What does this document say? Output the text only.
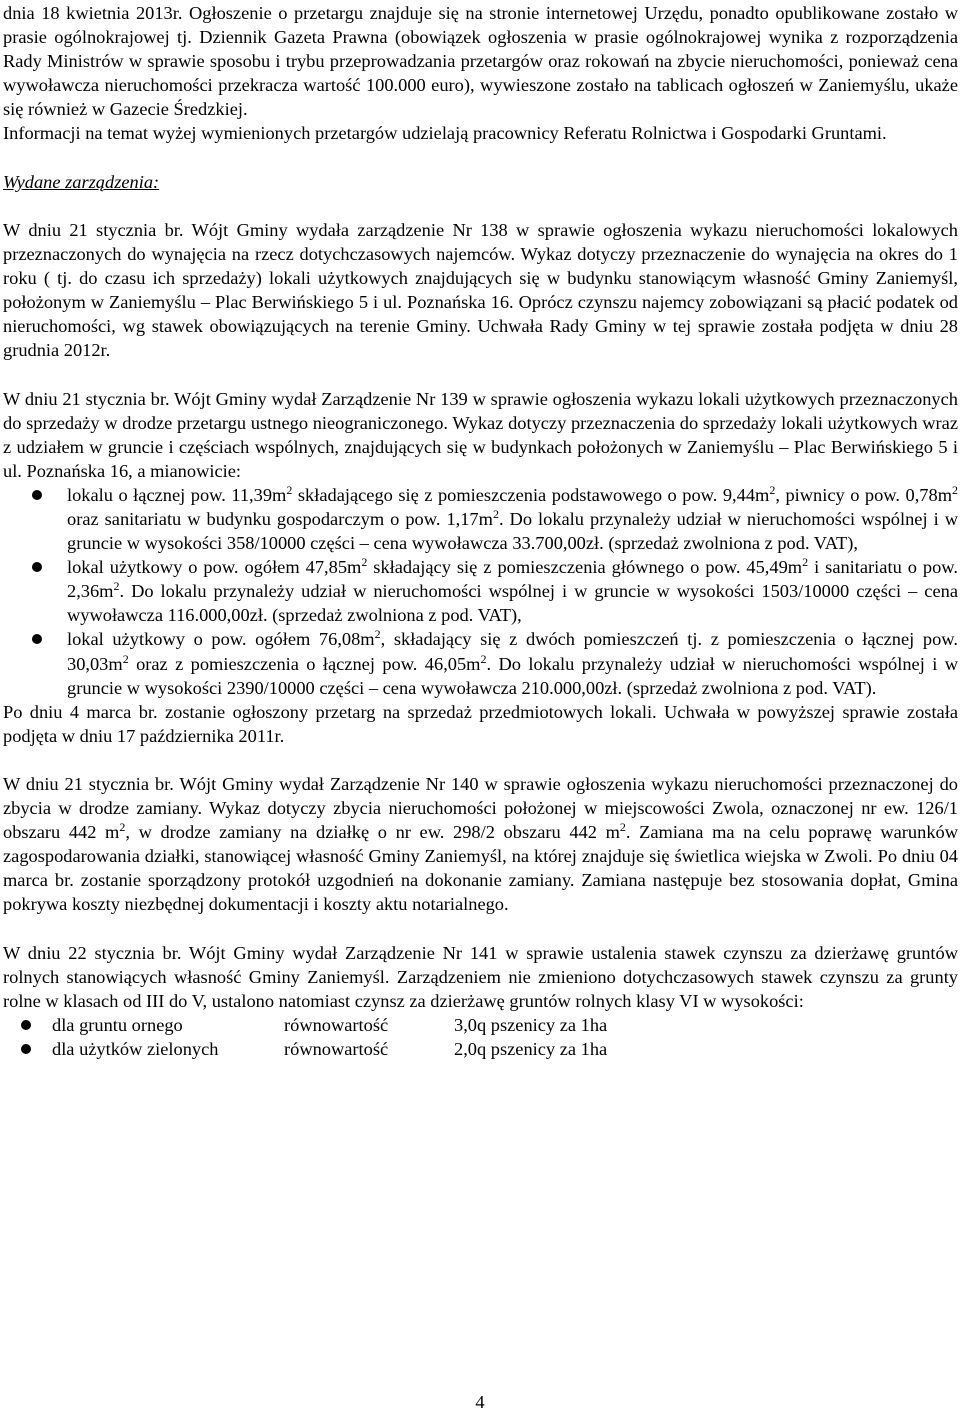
dnia 18 kwietnia 2013r. Ogłoszenie o przetargu znajduje się na stronie internetowej Urzędu, ponadto opublikowane zostało w prasie ogólnokrajowej tj. Dziennik Gazeta Prawna (obowiązek ogłoszenia w prasie ogólnokrajowej wynika z rozporządzenia Rady Ministrów w sprawie sposobu i trybu przeprowadzania przetargów oraz rokowań na zbycie nieruchomości, ponieważ cena wywoławcza nieruchomości przekracza wartość 100.000 euro), wywieszone zostało na tablicach ogłoszeń w Zaniemyślu, ukaże się również w Gazecie Średzkiej.

Informacji na temat wyżej wymienionych przetargów udzielają pracownicy Referatu Rolnictwa i Gospodarki Gruntami.

Wydane zarządzenia:

W dniu 21 stycznia br. Wójt Gminy wydała zarządzenie Nr 138 w sprawie ogłoszenia wykazu nieruchomości lokalowych przeznaczonych do wynajęcia na rzecz dotychczasowych najemców. Wykaz dotyczy przeznaczenie do wynajęcia na okres do 1 roku ( tj. do czasu ich sprzedaży) lokali użytkowych znajdujących się w budynku stanowiącym własność Gminy Zaniemyśl, położonym w Zaniemyślu – Plac Berwińskiego 5 i ul. Poznańska 16. Oprócz czynszu najemcy zobowiązani są płacić podatek od nieruchomości, wg stawek obowiązujących na terenie Gminy. Uchwała Rady Gminy w tej sprawie została podjęta w dniu 28 grudnia 2012r.

W dniu 21 stycznia br. Wójt Gminy wydał Zarządzenie Nr 139 w sprawie ogłoszenia wykazu lokali użytkowych przeznaczonych do sprzedaży w drodze przetargu ustnego nieograniczonego. Wykaz dotyczy przeznaczenia do sprzedaży lokali użytkowych wraz z udziałem w gruncie i częściach wspólnych, znajdujących się w budynkach położonych w Zaniemyślu – Plac Berwińskiego 5 i ul. Poznańska 16, a mianowicie:

lokalu o łącznej pow. $11,39m^2$ składającego się z pomieszczenia podstawowego o pow. $9,44m^2$, piwnicy o pow. $0,78m^2$ oraz sanitariatu w budynku gospodarczym o pow. $1,17m^2$. Do lokalu przynależy udział w nieruchomości wspólnej i w gruncie w wysokości 358/10000 części – cena wywoławcza 33.700,00zł. (sprzedaż zwolniona z pod. VAT),
lokal użytkowy o pow. ogółem $47,85m^2$ składający się z pomieszczenia głównego o pow. $45,49m^2$ i sanitariatu o pow. $2,36m^2$. Do lokalu przynależy udział w nieruchomości wspólnej i w gruncie w wysokości 1503/10000 części – cena wywoławcza 116.000,00zł. (sprzedaż zwolniona z pod. VAT),
lokal użytkowy o pow. ogółem $76,08m^2$, składający się z dwóch pomieszczeń tj. z pomieszczenia o łącznej pow. $30,03m^2$ oraz z pomieszczenia o łącznej pow. $46,05m^2$. Do lokalu przynależy udział w nieruchomości wspólnej i w gruncie w wysokości 2390/10000 części – cena wywoławcza 210.000,00zł. (sprzedaż zwolniona z pod. VAT).

Po dniu 4 marca br. zostanie ogłoszony przetarg na sprzedaż przedmiotowych lokali. Uchwała w powyższej sprawie została podjęta w dniu 17 października 2011r.

W dniu 21 stycznia br. Wójt Gminy wydał Zarządzenie Nr 140 w sprawie ogłoszenia wykazu nieruchomości przeznaczonej do zbycia w drodze zamiany. Wykaz dotyczy zbycia nieruchomości położonej w miejscowości Zwola, oznaczonej nr ew. 126/1 obszaru 442 $m^2$, w drodze zamiany na działkę o nr ew. 298/2 obszaru 442 $m^2$. Zamiana ma na celu poprawę warunków zagospodarowania działki, stanowiącej własność Gminy Zaniemyśl, na której znajduje się świetlica wiejska w Zwoli. Po dniu 04 marca br. zostanie sporządzony protokół uzgodnień na dokonanie zamiany. Zamiana następuje bez stosowania dopłat, Gmina pokrywa koszty niezbędnej dokumentacji i koszty aktu notarialnego.

W dniu 22 stycznia br. Wójt Gminy wydał Zarządzenie Nr 141 w sprawie ustalenia stawek czynszu za dzierżawę gruntów rolnych stanowiących własność Gminy Zaniemyśl. Zarządzeniem nie zmieniono dotychczasowych stawek czynszu za grunty rolne w klasach od III do V, ustalono natomiast czynsz za dzierżawę gruntów rolnych klasy VI w wysokości:

dla gruntu ornego	równowartość	3,0q pszenicy za 1ha
dla użytków zielonych	równowartość	2,0q pszenicy za 1ha
4
